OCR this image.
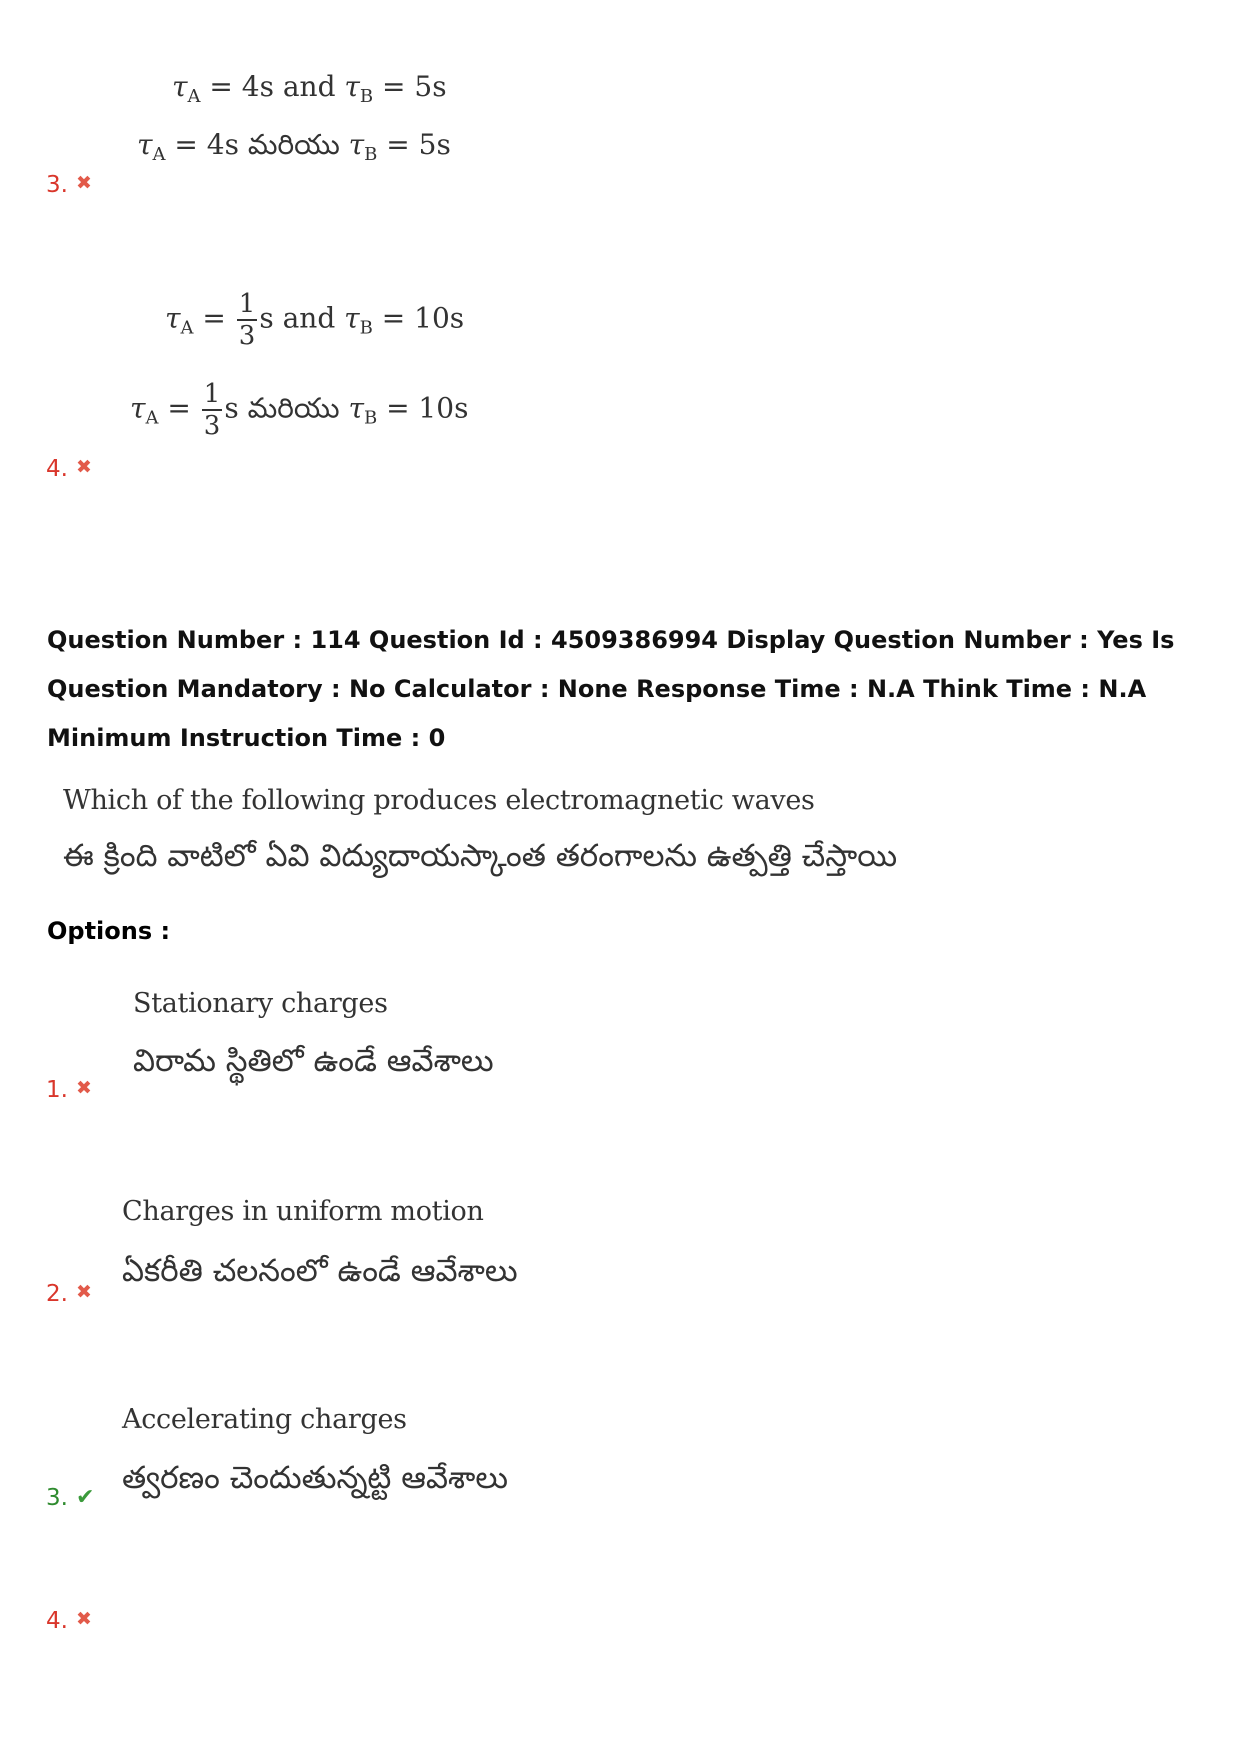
$\tau_A = 4s$ and $\tau_B = 5s$
$\tau_A = 4s$ మరియు $\tau_B = 5s$
3. ✖
$\tau_A = \frac{1}{3}$ s and $\tau_B = 10s$
$\tau_A = \frac{1}{3}$ s మరియు $\tau_B = 10s$
4. ✖
Question Number : 114 Question Id : 4509386994 Display Question Number : Yes Is Question Mandatory : No Calculator : None Response Time : N.A Think Time : N.A Minimum Instruction Time : 0
Which of the following produces electromagnetic waves
ఈ క్రింది వాటిలో ఏవి విద్యుదాయస్కాంత తరంగాలను ఉత్పత్తి చేస్తాయి
Options :
Stationary charges
విరామ స్థితిలో ఉండే ఆవేశాలు
1. ✖
Charges in uniform motion
ఏకరీతి చలనంలో ఉండే ఆవేశాలు
2. ✖
Accelerating charges
త్వరణం చెందుతున్నట్టి ఆవేశాలు
3. ✔
4. ✖
